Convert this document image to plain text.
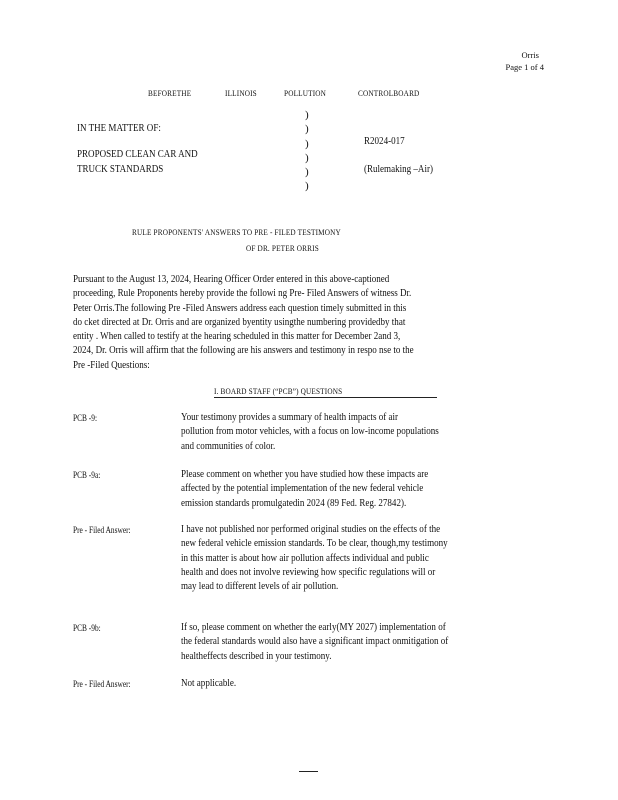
Orris
Page 1 of 4
BEFORETHE	ILLINOIS	POLLUTION	CONTROLBOARD
IN THE MATTER OF:
PROPOSED CLEAN CAR AND
TRUCK STANDARDS
)
)
)
)
)
)
R2024-017
(Rulemaking –Air)
RULE PROPONENTS' ANSWERS TO PRE - FILED TESTIMONY
OF DR. PETER ORRIS
Pursuant to the August 13, 2024, Hearing Officer Order entered in this above-captioned
proceeding, Rule Proponents hereby provide the followi ng Pre- Filed Answers of witness Dr.
Peter Orris.The following Pre -Filed Answers address each question timely submitted in this
do cket directed at Dr. Orris and are organized byentity usingthe numbering providedby that
entity . When called to testify at the hearing scheduled in this matter for December 2and 3,
2024, Dr. Orris will affirm that the following are his answers and testimony in respo nse to the
Pre -Filed Questions:
I. BOARD STAFF (“PCB”) QUESTIONS
PCB -9:	Your testimony provides a summary of health impacts of air
pollution from motor vehicles, with a focus on low-income populations
and communities of color.
PCB -9a:	Please comment on whether you have studied how these impacts are
affected by the potential implementation of the new federal vehicle
emission standards promulgatedin 2024 (89 Fed. Reg. 27842).
Pre - Filed Answer:	I have not published nor performed original studies on the effects of the
new federal vehicle emission standards. To be clear, though,my testimony
in this matter is about how air pollution affects individual and public
health and does not involve reviewing how specific regulations will or
may lead to different levels of air pollution.
PCB -9b:	If so, please comment on whether the early(MY 2027) implementation of
the federal standards would also have a significant impact onmitigation of
healtheffects described in your testimony.
Pre - Filed Answer:	Not applicable.
